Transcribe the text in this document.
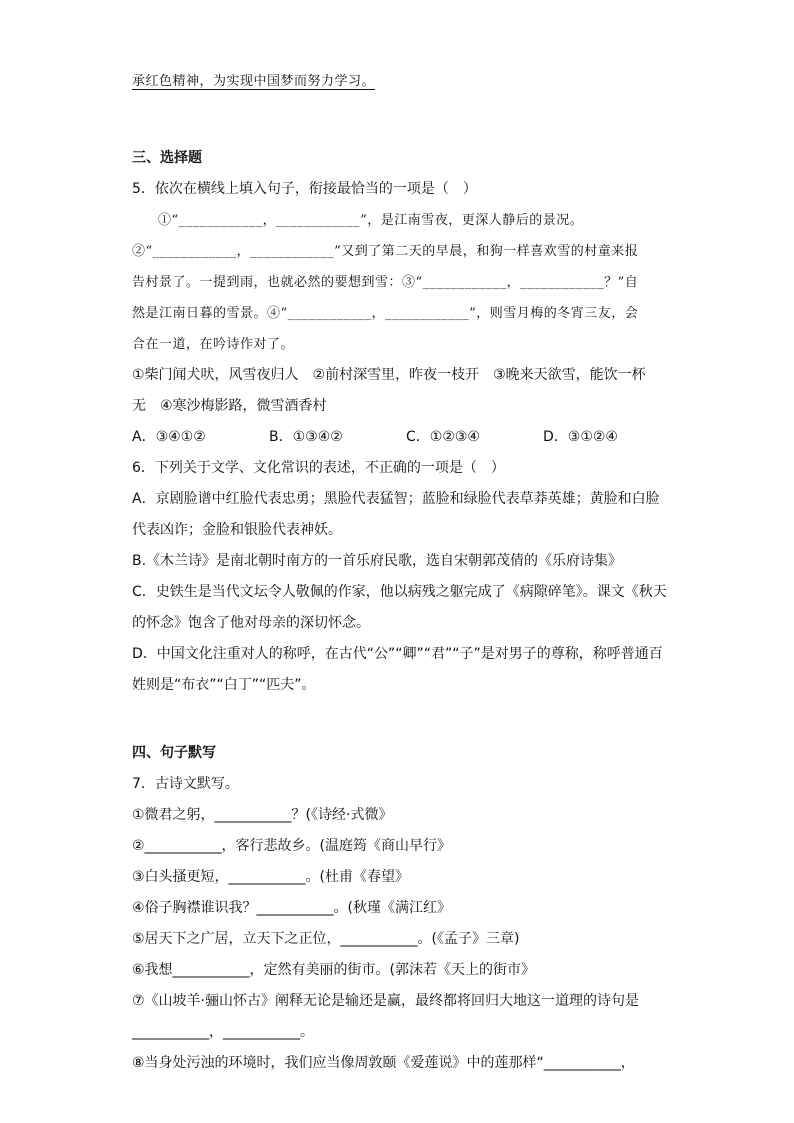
承红色精神，为实现中国梦而努力学习。
三、选择题
5．依次在横线上填入句子，衔接最恰当的一项是（　）
①“____________，____________”，是江南雪夜，更深人静后的景况。
②“____________，____________”又到了第二天的早晨，和狗一样喜欢雪的村童来报
告村景了。一提到雨，也就必然的要想到雪：③“____________，____________？”自
然是江南日暮的雪景。④“____________，____________”，则雪月梅的冬宵三友，会
合在一道，在吟诗作对了。
①柴门闻犬吠，风雪夜归人　②前村深雪里，昨夜一枝开　③晚来天欲雪，能饮一杯
无　④寒沙梅影路，微雪酒香村
A．③④①②	B．①③④②	C．①②③④	D．③①②④
6．下列关于文学、文化常识的表述，不正确的一项是（　）
A．京剧脸谱中红脸代表忠勇；黑脸代表猛智；蓝脸和绿脸代表草莽英雄；黄脸和白脸
代表凶诈；金脸和银脸代表神妖。
B.《木兰诗》是南北朝时南方的一首乐府民歌，选自宋朝郭茂倩的《乐府诗集》
C．史铁生是当代文坛令人敬佩的作家，他以病残之躯完成了《病隙碎笔》。课文《秋天
的怀念》饱含了他对母亲的深切怀念。
D．中国文化注重对人的称呼，在古代“公”“卿”“君”“子”是对男子的尊称，称呼普通百
姓则是“布衣”“白丁”“匹夫”。
四、句子默写
7．古诗文默写。
①微君之躬，___________？(《诗经·式微》
②___________，客行悲故乡。(温庭筠《商山早行》
③白头搔更短，___________。(杜甫《春望》
④俗子胸襟谁识我？___________。(秋瑾《满江红》
⑤居天下之广居，立天下之正位，___________。(《孟子》三章)
⑥我想___________，定然有美丽的街市。(郭沫若《天上的街市》
⑦《山坡羊·骊山怀古》阐释无论是输还是赢，最终都将回归大地这一道理的诗句是
___________，___________。
⑧当身处污浊的环境时，我们应当像周敦颐《爱莲说》中的莲那样“___________，
